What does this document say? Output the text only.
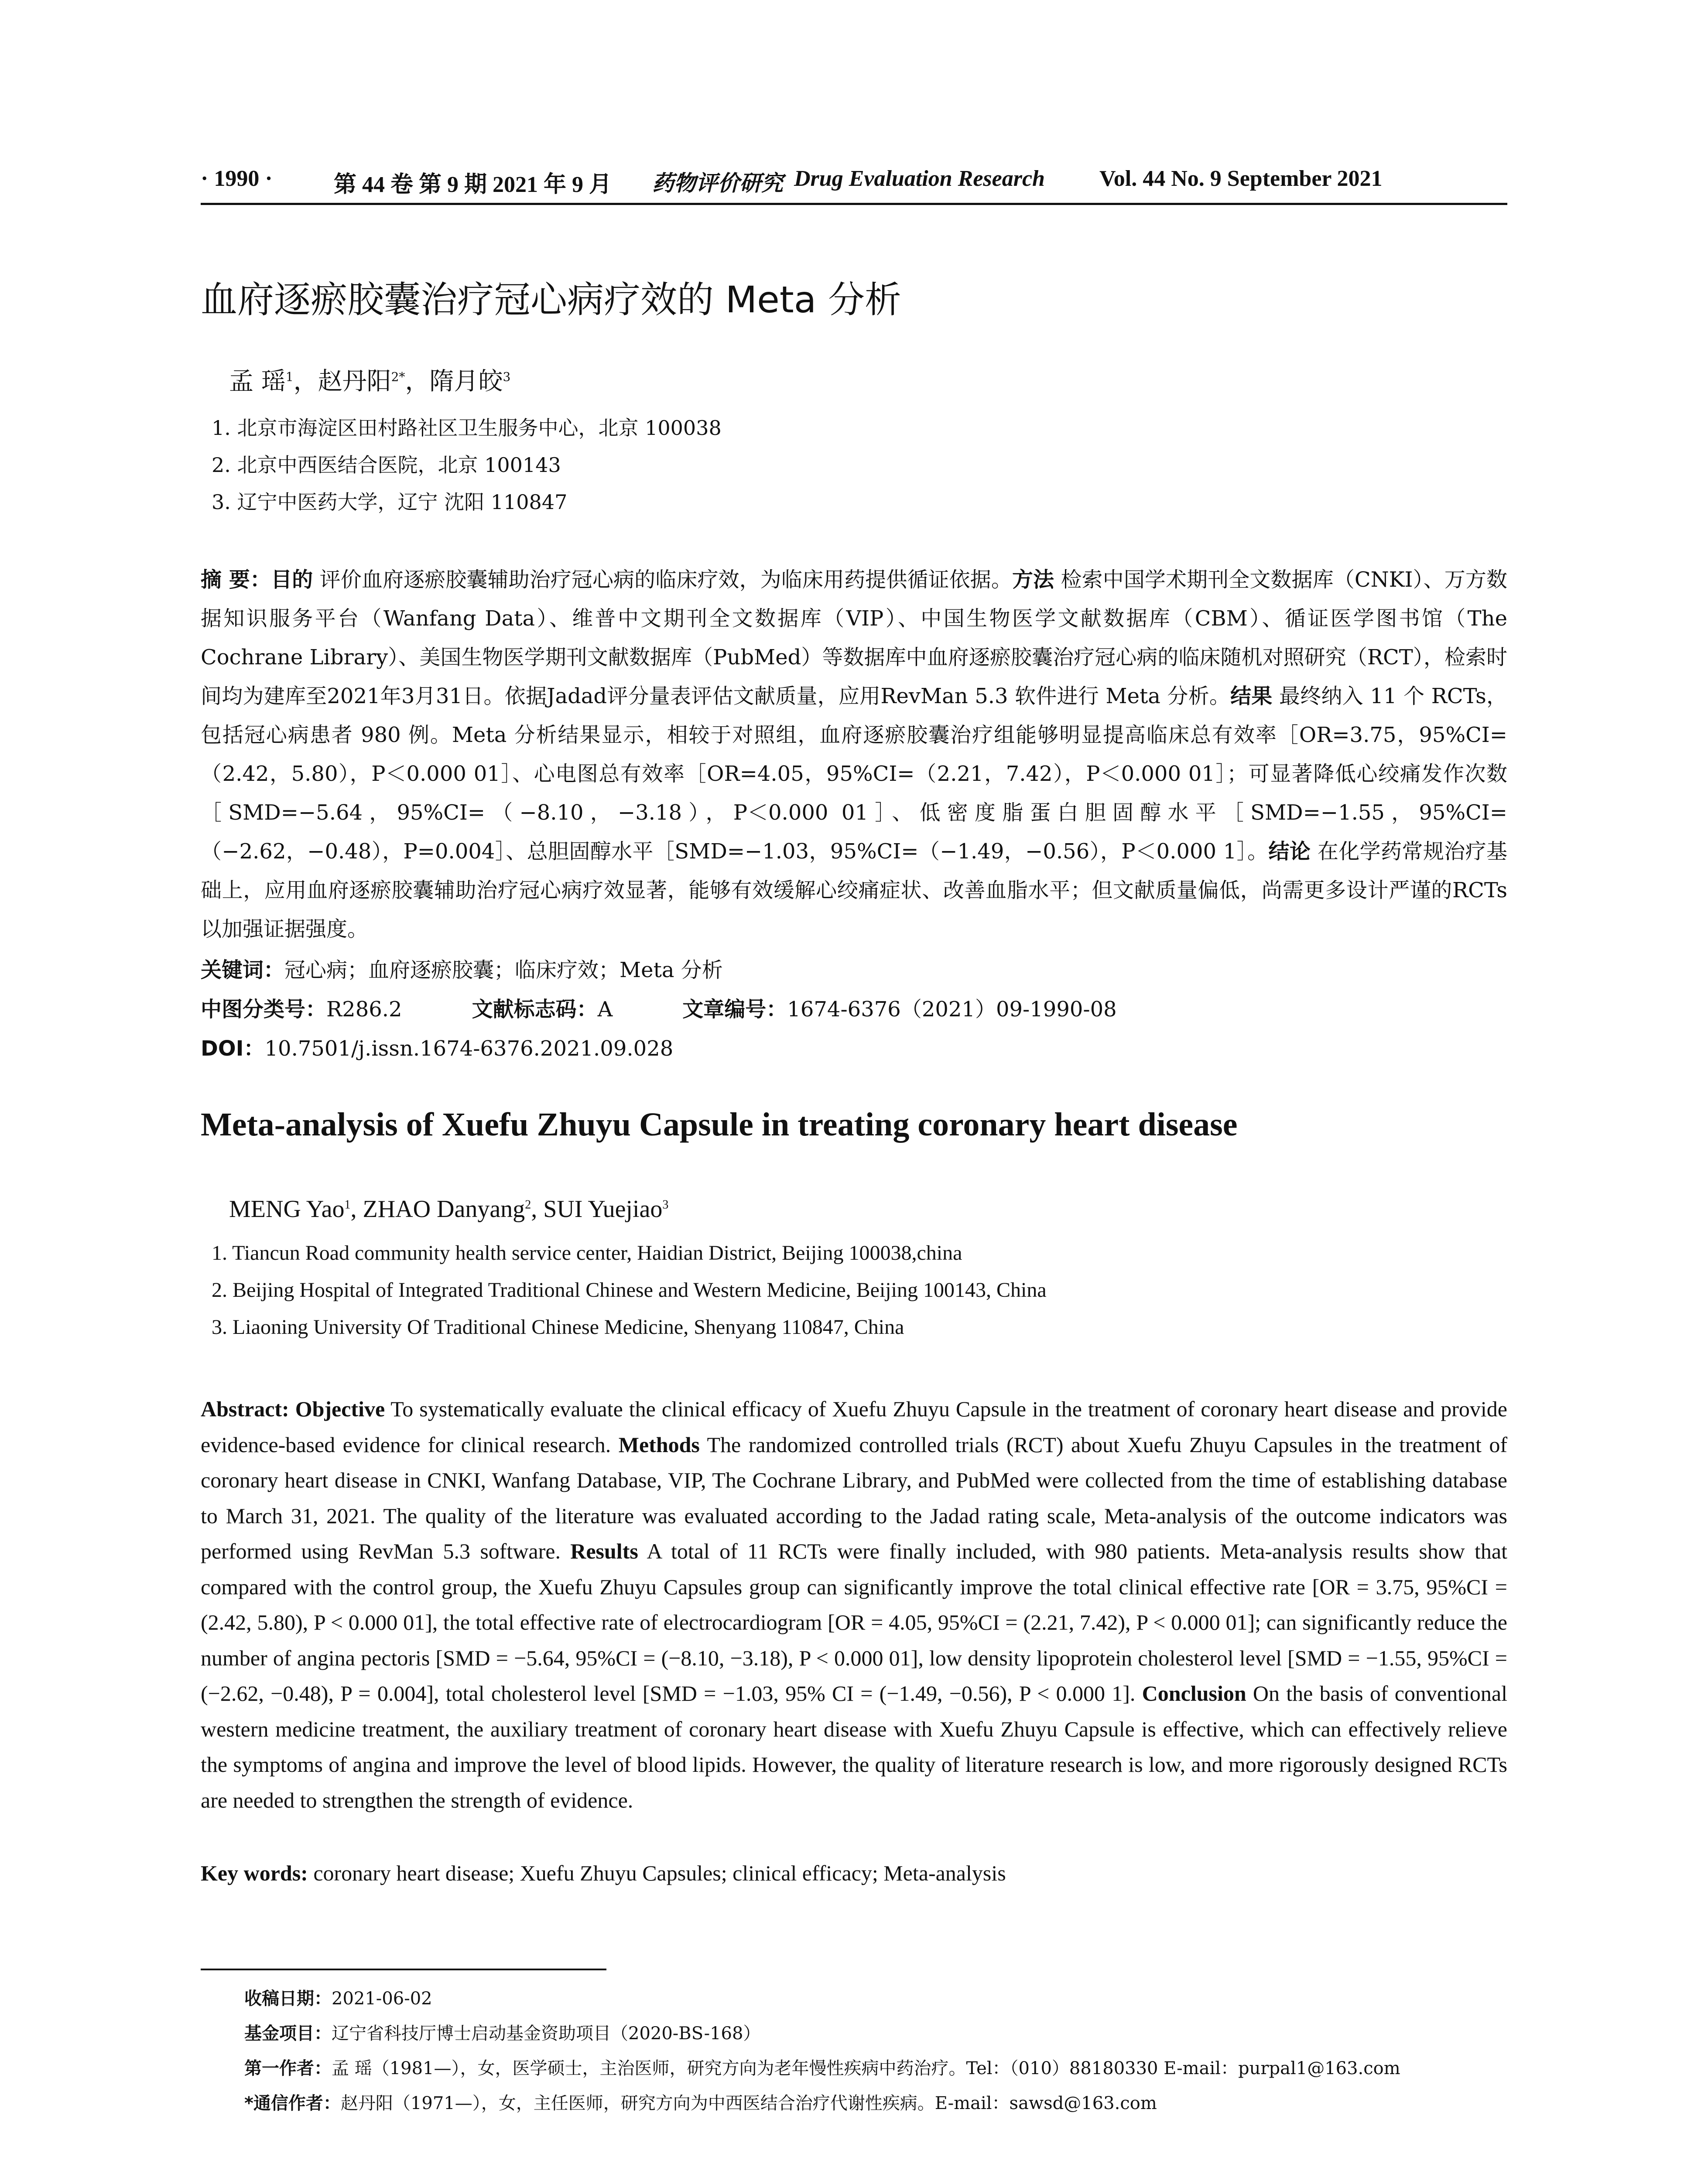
· 1990 ·	第 44 卷 第 9 期 2021 年 9 月 药物评价研究 Drug Evaluation Research Vol. 44 No. 9 September 2021
血府逐瘀胶囊治疗冠心病疗效的 Meta 分析
孟 瑶$^1$，赵丹阳$^{2*}$，隋月皎$^3$
1. 北京市海淀区田村路社区卫生服务中心，北京 100038
2. 北京中西医结合医院，北京 100143
3. 辽宁中医药大学，辽宁 沈阳 110847
摘 要：目的 评价血府逐瘀胶囊辅助治疗冠心病的临床疗效，为临床用药提供循证依据。方法 检索中国学术期刊全文数据库（CNKI）、万方数据知识服务平台（Wanfang Data）、维普中文期刊全文数据库（VIP）、中国生物医学文献数据库（CBM）、循证医学图书馆（The Cochrane Library）、美国生物医学期刊文献数据库（PubMed）等数据库中血府逐瘀胶囊治疗冠心病的临床随机对照研究（RCT），检索时间均为建库至2021年3月31日。依据Jadad评分量表评估文献质量，应用RevMan 5.3 软件进行 Meta 分析。结果 最终纳入 11 个 RCTs，包括冠心病患者 980 例。Meta 分析结果显示，相较于对照组，血府逐瘀胶囊治疗组能够明显提高临床总有效率［OR=3.75，95%CI=（2.42，5.80），P＜0.000 01］、心电图总有效率［OR=4.05，95%CI=（2.21，7.42），P＜0.000 01］；可显著降低心绞痛发作次数［SMD=−5.64，95%CI=（−8.10，−3.18），P＜0.000 01］、低密度脂蛋白胆固醇水平［SMD=−1.55，95%CI=（−2.62，−0.48），P=0.004］、总胆固醇水平［SMD=−1.03，95%CI=（−1.49，−0.56），P＜0.000 1］。结论 在化学药常规治疗基础上，应用血府逐瘀胶囊辅助治疗冠心病疗效显著，能够有效缓解心绞痛症状、改善血脂水平；但文献质量偏低，尚需更多设计严谨的RCTs以加强证据强度。
关键词：冠心病；血府逐瘀胶囊；临床疗效；Meta 分析
中图分类号：R286.2	文献标志码：A	文章编号：1674-6376（2021）09-1990-08
DOI：10.7501/j.issn.1674-6376.2021.09.028
Meta-analysis of Xuefu Zhuyu Capsule in treating coronary heart disease
MENG Yao$^1$, ZHAO Danyang$^2$, SUI Yuejiao$^3$
1. Tiancun Road community health service center, Haidian District, Beijing 100038,china
2. Beijing Hospital of Integrated Traditional Chinese and Western Medicine, Beijing 100143, China
3. Liaoning University Of Traditional Chinese Medicine, Shenyang 110847, China
Abstract: Objective To systematically evaluate the clinical efficacy of Xuefu Zhuyu Capsule in the treatment of coronary heart disease and provide evidence-based evidence for clinical research. Methods The randomized controlled trials (RCT) about Xuefu Zhuyu Capsules in the treatment of coronary heart disease in CNKI, Wanfang Database, VIP, The Cochrane Library, and PubMed were collected from the time of establishing database to March 31, 2021. The quality of the literature was evaluated according to the Jadad rating scale, Meta-analysis of the outcome indicators was performed using RevMan 5.3 software. Results A total of 11 RCTs were finally included, with 980 patients. Meta-analysis results show that compared with the control group, the Xuefu Zhuyu Capsules group can significantly improve the total clinical effective rate [OR = 3.75, 95%CI = (2.42, 5.80), P < 0.000 01], the total effective rate of electrocardiogram [OR = 4.05, 95%CI = (2.21, 7.42), P < 0.000 01]; can significantly reduce the number of angina pectoris [SMD = −5.64, 95%CI = (−8.10, −3.18), P < 0.000 01], low density lipoprotein cholesterol level [SMD = −1.55, 95%CI = (−2.62, −0.48), P = 0.004], total cholesterol level [SMD = −1.03, 95% CI = (−1.49, −0.56), P < 0.000 1]. Conclusion On the basis of conventional western medicine treatment, the auxiliary treatment of coronary heart disease with Xuefu Zhuyu Capsule is effective, which can effectively relieve the symptoms of angina and improve the level of blood lipids. However, the quality of literature research is low, and more rigorously designed RCTs are needed to strengthen the strength of evidence.
Key words: coronary heart disease; Xuefu Zhuyu Capsules; clinical efficacy; Meta-analysis
收稿日期：2021-06-02
基金项目：辽宁省科技厅博士启动基金资助项目（2020-BS-168）
第一作者：孟 瑶（1981—），女，医学硕士，主治医师，研究方向为老年慢性疾病中药治疗。Tel：（010）88180330 E-mail：purpal1@163.com
*通信作者：赵丹阳（1971—），女，主任医师，研究方向为中西医结合治疗代谢性疾病。E-mail：sawsd@163.com
